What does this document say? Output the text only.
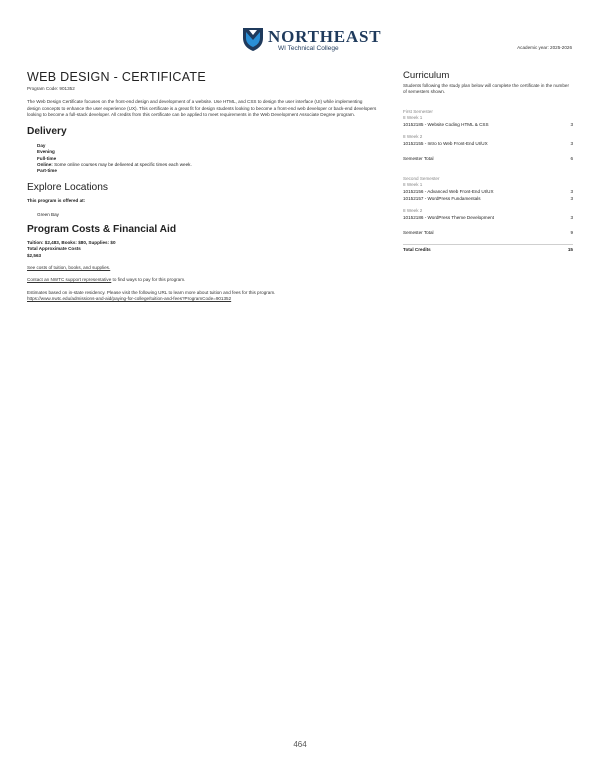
NORTHEAST
WI Technical College	Academic year: 2025-2026
WEB DESIGN - CERTIFICATE
Program Code: 901352
The Web Design Certificate focuses on the front-end design and development of a website. Use HTML, and CSS to design the user interface (UI) while implementing design concepts to enhance the user experience (UX). This certificate is a great fit for design students looking to become a front-end web developer or back-end developers looking to become a full-stack developer. All credits from this certificate can be applied to meet requirements in the Web Development Associate Degree program.
Delivery
Day
Evening
Full-time
Online: Some online courses may be delivered at specific times each week.
Part-time
Explore Locations
This program is offered at:
Green Bay
Program Costs & Financial Aid
Tuition: $2,483, Books: $80, Supplies: $0
Total Approximate Costs
$2,563
See costs of tuition, books, and supplies.
Contact an NWTC support representative to find ways to pay for this program.
Estimates based on in-state residency. Please visit the following URL to learn more about tuition and fees for this program.
https://www.nwtc.edu/admissions-and-aid/paying-for-college/tuition-and-fees?ProgramCode=901352
Curriculum
Students following the study plan below will complete the certificate in the number of semesters shown.
First Semester
8 Week 1
10152185 - Website Coding HTML & CSS	3
8 Week 2
10152155 - Intro to Web Front-End UI/UX	3
Semester Total	6
Second Semester
8 Week 1
10152156 - Advanced Web Front-End UI/UX	3
10152157 - WordPress Fundamentals	3
8 Week 2
10152186 - WordPress Theme Development	3
Semester Total	9
Total Credits	15
464
